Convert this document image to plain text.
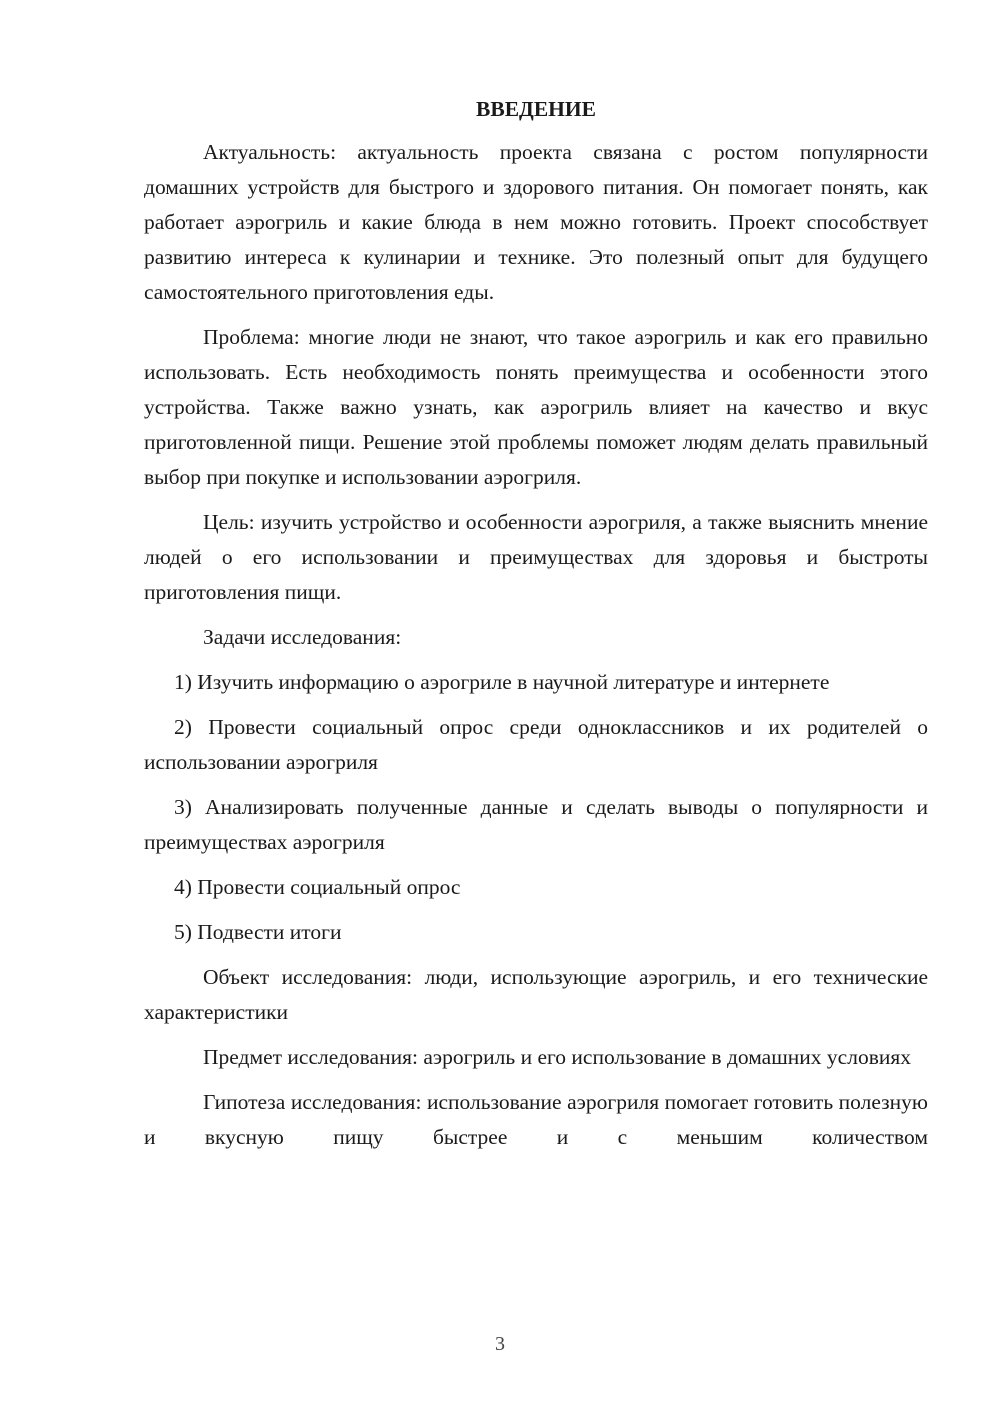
ВВЕДЕНИЕ

Актуальность: актуальность проекта связана с ростом популярности домашних устройств для быстрого и здорового питания. Он помогает понять, как работает аэрогриль и какие блюда в нем можно готовить. Проект способствует развитию интереса к кулинарии и технике. Это полезный опыт для будущего самостоятельного приготовления еды.

Проблема: многие люди не знают, что такое аэрогриль и как его правильно использовать. Есть необходимость понять преимущества и особенности этого устройства. Также важно узнать, как аэрогриль влияет на качество и вкус приготовленной пищи. Решение этой проблемы поможет людям делать правильный выбор при покупке и использовании аэрогриля.

Цель: изучить устройство и особенности аэрогриля, а также выяснить мнение людей о его использовании и преимуществах для здоровья и быстроты приготовления пищи.

Задачи исследования:

1) Изучить информацию о аэрогриле в научной литературе и интернете

2) Провести социальный опрос среди одноклассников и их родителей о использовании аэрогриля

3) Анализировать полученные данные и сделать выводы о популярности и преимуществах аэрогриля

4) Провести социальный опрос

5) Подвести итоги

Объект исследования: люди, использующие аэрогриль, и его технические характеристики

Предмет исследования: аэрогриль и его использование в домашних условиях

Гипотеза исследования: использование аэрогриля помогает готовить полезную и вкусную пищу быстрее и с меньшим количеством

3
